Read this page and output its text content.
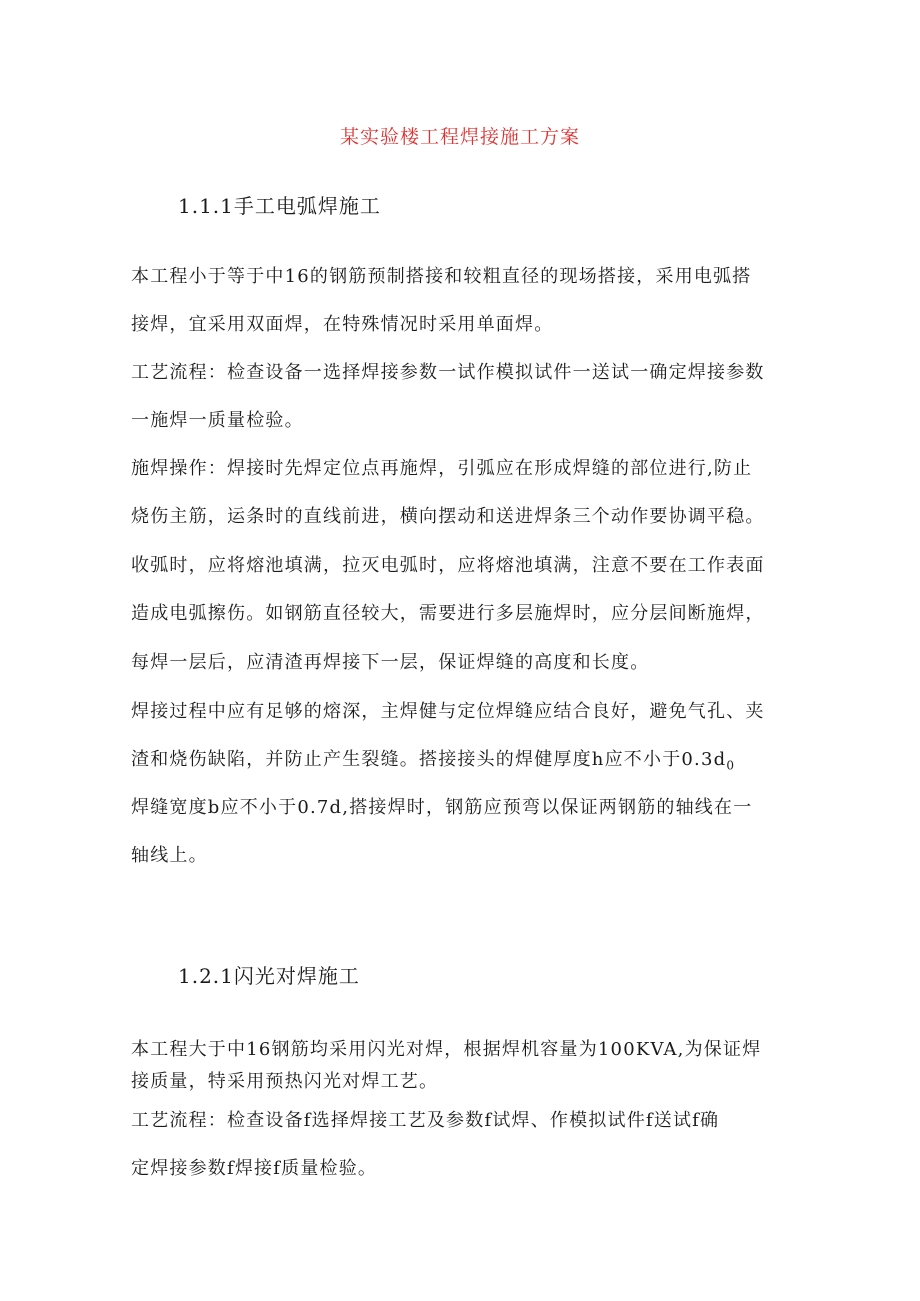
某实验楼工程焊接施工方案
1.1.1手工电弧焊施工
本工程小于等于中16的钢筋预制搭接和较粗直径的现场搭接，采用电弧搭
接焊，宜采用双面焊，在特殊情况时采用单面焊。
工艺流程：检查设备一选择焊接参数一试作模拟试件一送试一确定焊接参数
一施焊一质量检验。
施焊操作：焊接时先焊定位点再施焊，引弧应在形成焊缝的部位进行,防止
烧伤主筋，运条时的直线前进，横向摆动和送进焊条三个动作要协调平稳。
收弧时，应将熔池填满，拉灭电弧时，应将熔池填满，注意不要在工作表面
造成电弧擦伤。如钢筋直径较大，需要进行多层施焊时，应分层间断施焊，
每焊一层后，应清渣再焊接下一层，保证焊缝的高度和长度。
焊接过程中应有足够的熔深，主焊健与定位焊缝应结合良好，避免气孔、夹
渣和烧伤缺陷，并防止产生裂缝。搭接接头的焊健厚度h应不小于$0.3d_0$
焊缝宽度b应不小于0.7d,搭接焊时，钢筋应预弯以保证两钢筋的轴线在一
轴线上。
1.2.1闪光对焊施工
本工程大于中16钢筋均采用闪光对焊，根据焊机容量为100KVA,为保证焊
接质量，特采用预热闪光对焊工艺。
工艺流程：检查设备f选择焊接工艺及参数f试焊、作模拟试件f送试f确
定焊接参数f焊接f质量检验。
